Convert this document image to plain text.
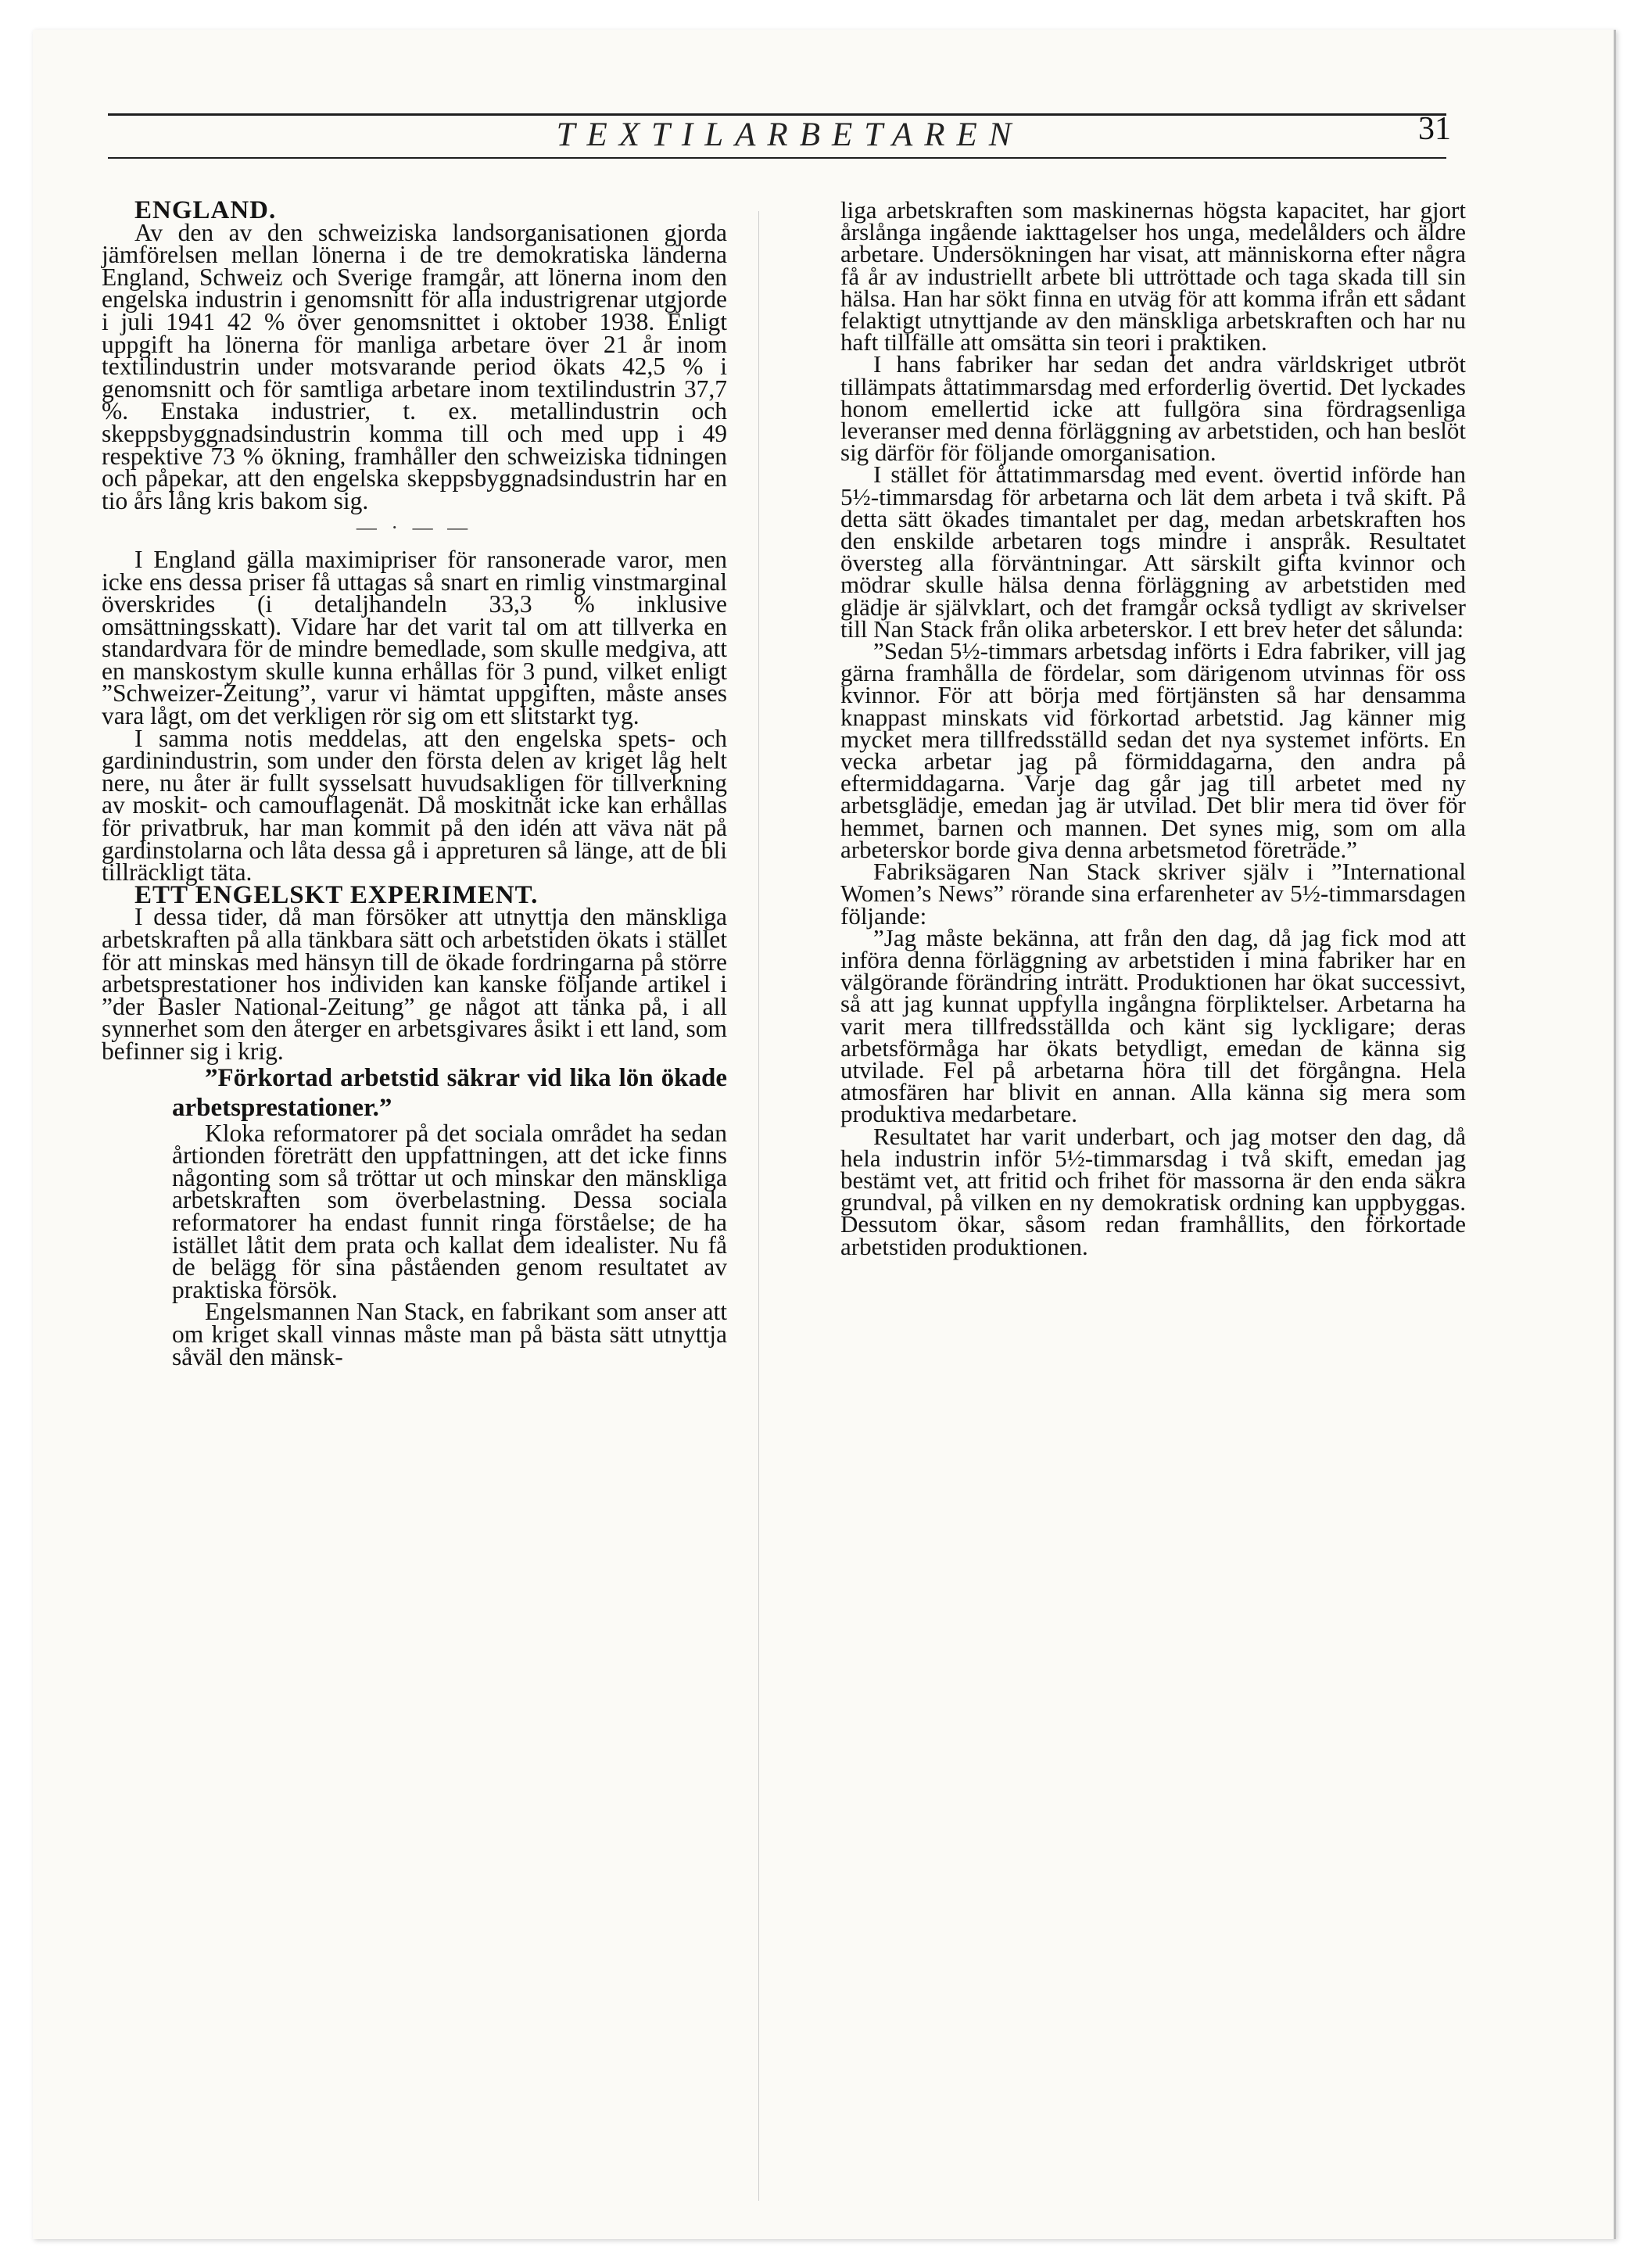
TEXTILARBETAREN	31

ENGLAND.

Av den av den schweiziska landsorganisationen gjorda jämförelsen mellan lönerna i de tre demokratiska länderna England, Schweiz och Sverige framgår, att lönerna inom den engelska industrin i genomsnitt för alla industrigrenar utgjorde i juli 1941 42 % över genomsnittet i oktober 1938. Enligt uppgift ha lönerna för manliga arbetare över 21 år inom textilindustrin under motsvarande period ökats 42,5 % i genomsnitt och för samtliga arbetare inom textilindustrin 37,7 %. Enstaka industrier, t. ex. metallindustrin och skeppsbyggnadsindustrin komma till och med upp i 49 respektive 73 % ökning, framhåller den schweiziska tidningen och påpekar, att den engelska skeppsbyggnadsindustrin har en tio års lång kris bakom sig.

— · — —

I England gälla maximipriser för ransonerade varor, men icke ens dessa priser få uttagas så snart en rimlig vinstmarginal överskrides (i detaljhandeln 33,3 % inklusive omsättningsskatt). Vidare har det varit tal om att tillverka en standardvara för de mindre bemedlade, som skulle medgiva, att en manskostym skulle kunna erhållas för 3 pund, vilket enligt ”Schweizer-Zeitung”, varur vi hämtat uppgiften, måste anses vara lågt, om det verkligen rör sig om ett slitstarkt tyg.

I samma notis meddelas, att den engelska spets- och gardinindustrin, som under den första delen av kriget låg helt nere, nu åter är fullt sysselsatt huvudsakligen för tillverkning av moskit- och camouflagenät. Då moskitnät icke kan erhållas för privatbruk, har man kommit på den idén att väva nät på gardinstolarna och låta dessa gå i appreturen så länge, att de bli tillräckligt täta.

ETT ENGELSKT EXPERIMENT.

I dessa tider, då man försöker att utnyttja den mänskliga arbetskraften på alla tänkbara sätt och arbetstiden ökats i stället för att minskas med hänsyn till de ökade fordringarna på större arbetsprestationer hos individen kan kanske följande artikel i ”der Basler National-Zeitung” ge något att tänka på, i all synnerhet som den återger en arbetsgivares åsikt i ett land, som befinner sig i krig.

”Förkortad arbetstid säkrar vid lika lön ökade arbetsprestationer.”

Kloka reformatorer på det sociala området ha sedan årtionden företrätt den uppfattningen, att det icke finns någonting som så tröttar ut och minskar den mänskliga arbetskraften som överbelastning. Dessa sociala reformatorer ha endast funnit ringa förståelse; de ha istället låtit dem prata och kallat dem idealister. Nu få de belägg för sina påståenden genom resultatet av praktiska försök.

Engelsmannen Nan Stack, en fabrikant som anser att om kriget skall vinnas måste man på bästa sätt utnyttja såväl den mänsk-

liga arbetskraften som maskinernas högsta kapacitet, har gjort årslånga ingående iakttagelser hos unga, medelålders och äldre arbetare. Undersökningen har visat, att människorna efter några få år av industriellt arbete bli uttröttade och taga skada till sin hälsa. Han har sökt finna en utväg för att komma ifrån ett sådant felaktigt utnyttjande av den mänskliga arbetskraften och har nu haft tillfälle att omsätta sin teori i praktiken.

I hans fabriker har sedan det andra världskriget utbröt tillämpats åttatimmarsdag med erforderlig övertid. Det lyckades honom emellertid icke att fullgöra sina fördragsenliga leveranser med denna förläggning av arbetstiden, och han beslöt sig därför för följande omorganisation.

I stället för åttatimmarsdag med event. övertid införde han 5½-timmarsdag för arbetarna och lät dem arbeta i två skift. På detta sätt ökades timantalet per dag, medan arbetskraften hos den enskilde arbetaren togs mindre i anspråk. Resultatet översteg alla förväntningar. Att särskilt gifta kvinnor och mödrar skulle hälsa denna förläggning av arbetstiden med glädje är självklart, och det framgår också tydligt av skrivelser till Nan Stack från olika arbeterskor. I ett brev heter det sålunda:

”Sedan 5½-timmars arbetsdag införts i Edra fabriker, vill jag gärna framhålla de fördelar, som därigenom utvinnas för oss kvinnor. För att börja med förtjänsten så har densamma knappast minskats vid förkortad arbetstid. Jag känner mig mycket mera tillfredsställd sedan det nya systemet införts. En vecka arbetar jag på förmiddagarna, den andra på eftermiddagarna. Varje dag går jag till arbetet med ny arbetsglädje, emedan jag är utvilad. Det blir mera tid över för hemmet, barnen och mannen. Det synes mig, som om alla arbeterskor borde giva denna arbetsmetod företräde.”

Fabriksägaren Nan Stack skriver själv i ”International Women’s News” rörande sina erfarenheter av 5½-timmarsdagen följande:

”Jag måste bekänna, att från den dag, då jag fick mod att införa denna förläggning av arbetstiden i mina fabriker har en välgörande förändring inträtt. Produktionen har ökat successivt, så att jag kunnat uppfylla ingångna förpliktelser. Arbetarna ha varit mera tillfredsställda och känt sig lyckligare; deras arbetsförmåga har ökats betydligt, emedan de känna sig utvilade. Fel på arbetarna höra till det förgångna. Hela atmosfären har blivit en annan. Alla känna sig mera som produktiva medarbetare.

Resultatet har varit underbart, och jag motser den dag, då hela industrin inför 5½-timmarsdag i två skift, emedan jag bestämt vet, att fritid och frihet för massorna är den enda säkra grundval, på vilken en ny demokratisk ordning kan uppbyggas. Dessutom ökar, såsom redan framhållits, den förkortade arbetstiden produktionen.
